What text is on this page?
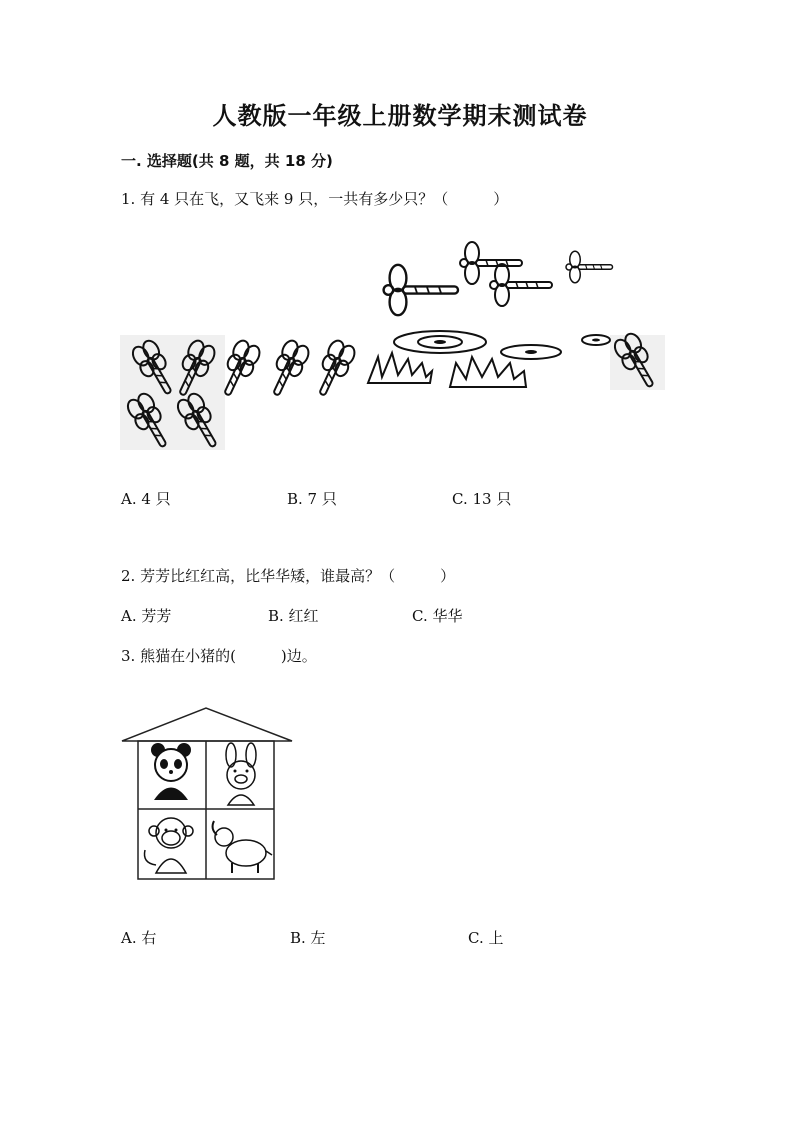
人教版一年级上册数学期末测试卷
一. 选择题(共 8 题，共 18 分)
1. 有 4 只在飞，又飞来 9 只，一共有多少只？（　　　）
A. 4 只	B. 7 只	C. 13 只
2. 芳芳比红红高，比华华矮，谁最高？（　　　）
A. 芳芳	B. 红红	C. 华华
3. 熊猫在小猪的(　　　)边。
A. 右	B. 左	C. 上
